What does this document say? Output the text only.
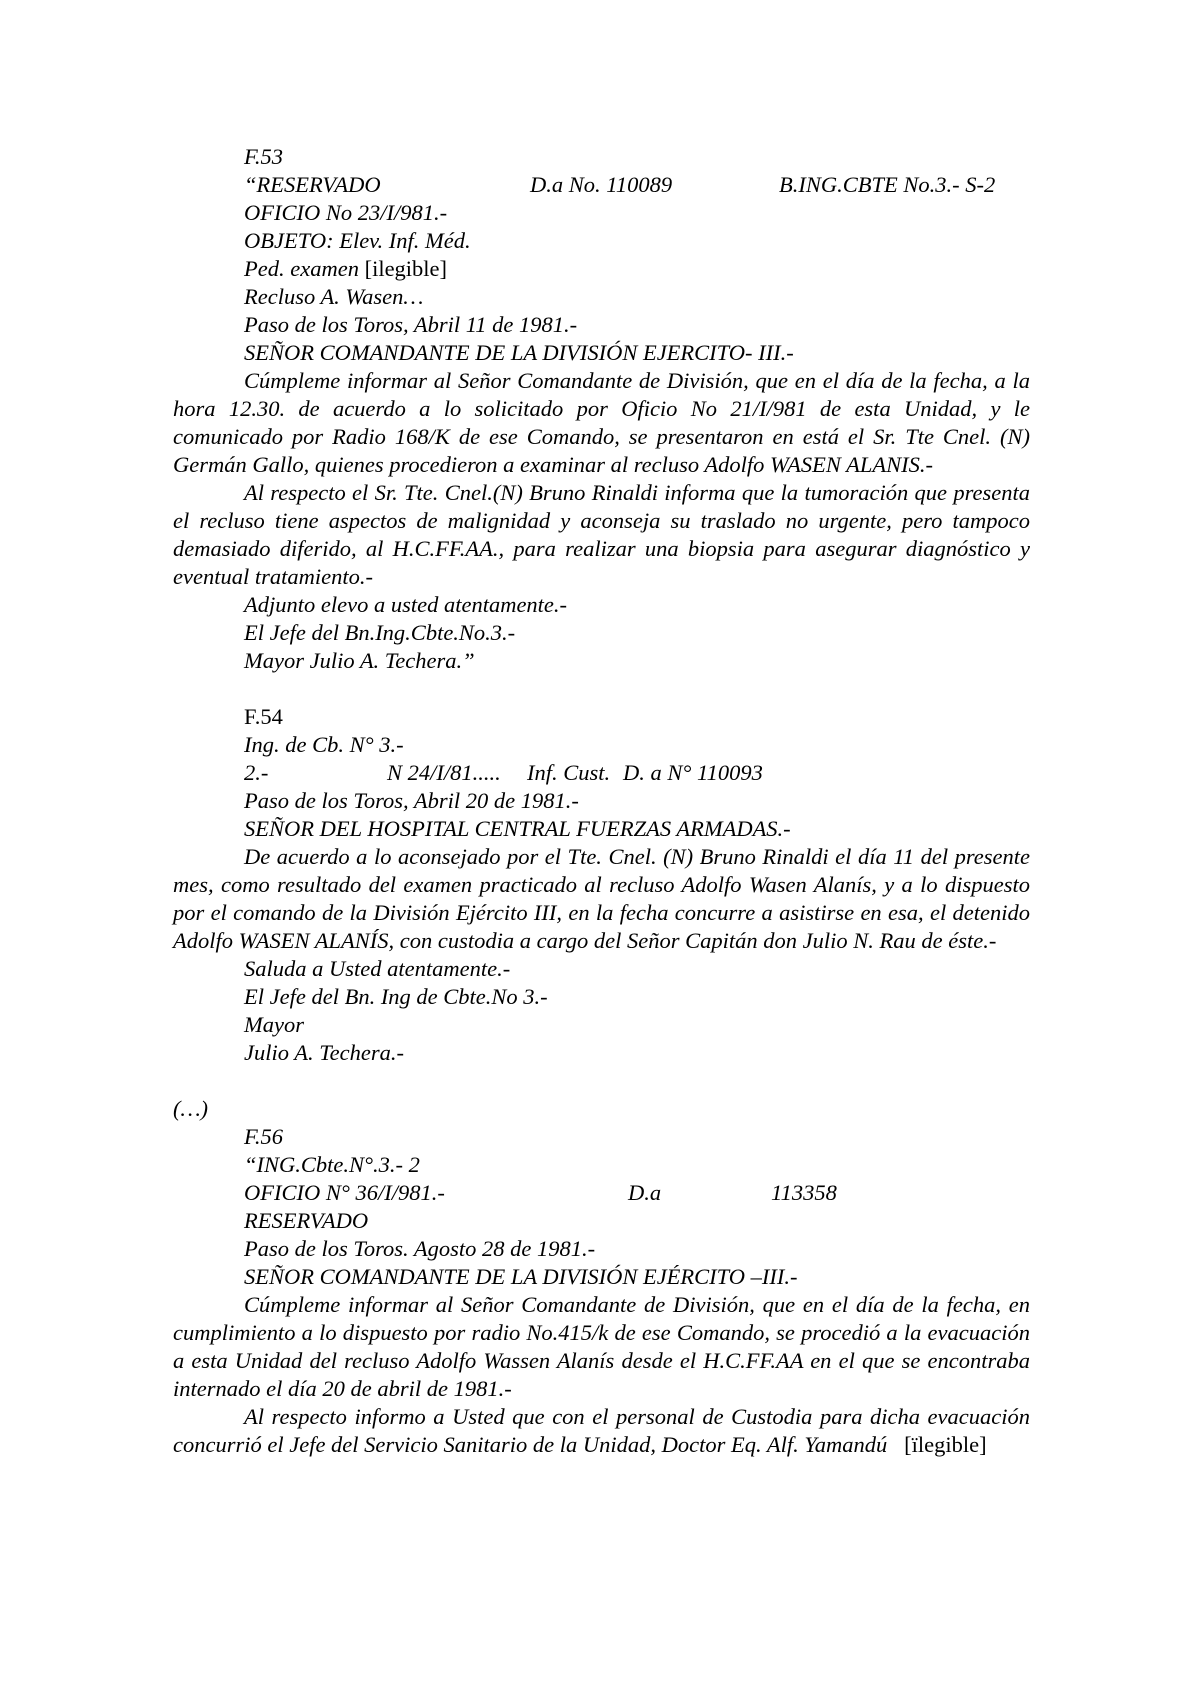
F.53
“RESERVADO	D.a No. 110089	B.ING.CBTE No.3.- S-2
OFICIO No 23/I/981.-
OBJETO: Elev. Inf. Méd.
Ped. examen [ilegible]
Recluso A. Wasen…
Paso de los Toros, Abril 11 de 1981.-
SEÑOR COMANDANTE DE LA DIVISIÓN EJERCITO- III.-

Cúmpleme informar al Señor Comandante de División, que en el día de la fecha, a la hora 12.30. de acuerdo a lo solicitado por Oficio No 21/I/981 de esta Unidad, y le comunicado por Radio 168/K de ese Comando, se presentaron en está el Sr. Tte Cnel. (N) Germán Gallo, quienes procedieron a examinar al recluso Adolfo WASEN ALANIS.-

Al respecto el Sr. Tte. Cnel.(N) Bruno Rinaldi informa que la tumoración que presenta el recluso tiene aspectos de malignidad y aconseja su traslado no urgente, pero tampoco demasiado diferido, al H.C.FF.AA., para realizar una biopsia para asegurar diagnóstico y eventual tratamiento.-

Adjunto elevo a usted atentamente.-
El Jefe del Bn.Ing.Cbte.No.3.-
Mayor Julio A. Techera.”
F.54
Ing. de Cb. N° 3.-
2.-	N 24/I/81.....	Inf. Cust. D. a N° 110093
Paso de los Toros, Abril 20 de 1981.-
SEÑOR DEL HOSPITAL CENTRAL FUERZAS ARMADAS.-

De acuerdo a lo aconsejado por el Tte. Cnel. (N) Bruno Rinaldi el día 11 del presente mes, como resultado del examen practicado al recluso Adolfo Wasen Alanís, y a lo dispuesto por el comando de la División Ejército III, en la fecha concurre a asistirse en esa, el detenido Adolfo WASEN ALANÍS, con custodia a cargo del Señor Capitán don Julio N. Rau de éste.-

Saluda a Usted atentamente.-
El Jefe del Bn. Ing de Cbte.No 3.-
Mayor
Julio A. Techera.-
(…)
F.56
“ING.Cbte.N°.3.- 2
OFICIO N° 36/I/981.-	D.a	113358
RESERVADO
Paso de los Toros. Agosto 28 de 1981.-
SEÑOR COMANDANTE DE LA DIVISIÓN EJÉRCITO –III.-

Cúmpleme informar al Señor Comandante de División, que en el día de la fecha, en cumplimiento a lo dispuesto por radio No.415/k de ese Comando, se procedió a la evacuación a esta Unidad del recluso Adolfo Wassen Alanís desde el H.C.FF.AA en el que se encontraba internado el día 20 de abril de 1981.-

Al respecto informo a Usted que con el personal de Custodia para dicha evacuación concurrió el Jefe del Servicio Sanitario de la Unidad, Doctor Eq. Alf. Yamandú   [ïlegible]
